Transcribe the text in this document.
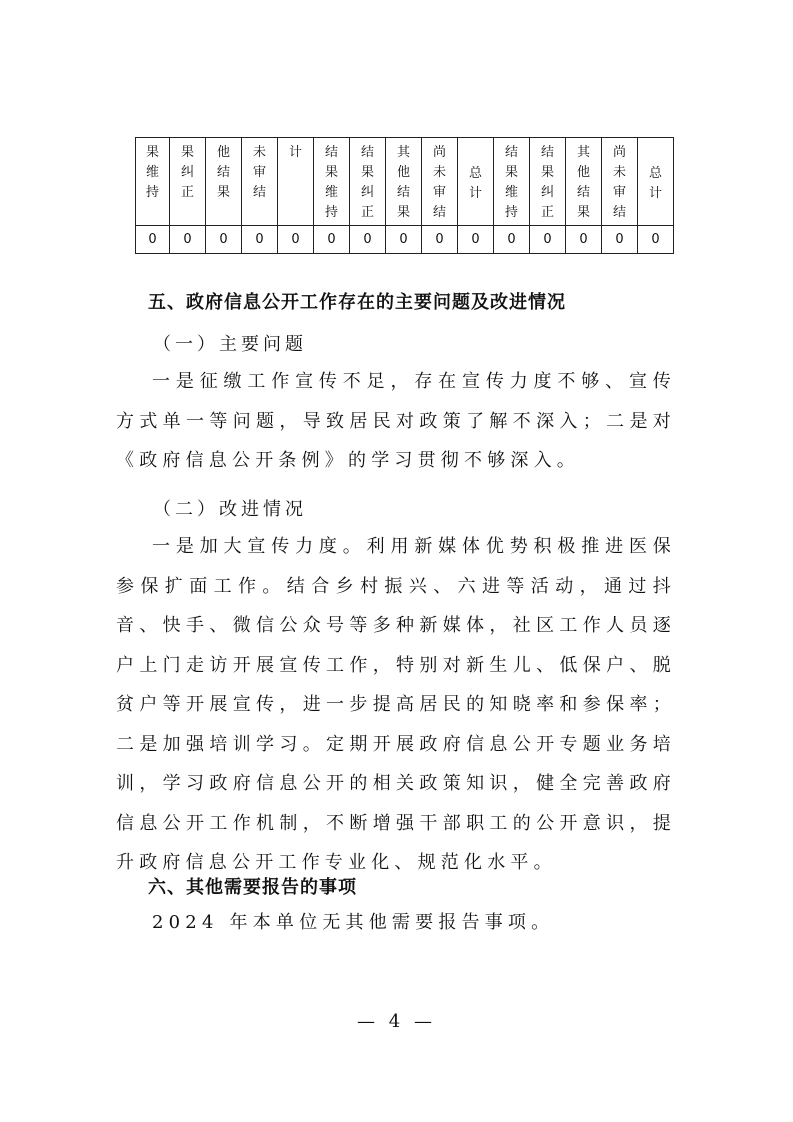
果维持	果纠正	他结果	未审结	计	结果维持	结果纠正	其他结果	尚未审结	总计	结果维持	结果纠正	其他结果	尚未审结	总计

0	0	0	0	0	0	0	0	0	0	0	0	0	0	0
五、政府信息公开工作存在的主要问题及改进情况
（一）主要问题

一是征缴工作宣传不足，存在宣传力度不够、宣传方式单一等问题，导致居民对政策了解不深入；二是对《政府信息公开条例》的学习贯彻不够深入。

（二）改进情况

一是加大宣传力度。利用新媒体优势积极推进医保参保扩面工作。结合乡村振兴、六进等活动，通过抖音、快手、微信公众号等多种新媒体，社区工作人员逐户上门走访开展宣传工作，特别对新生儿、低保户、脱贫户等开展宣传，进一步提高居民的知晓率和参保率；二是加强培训学习。定期开展政府信息公开专题业务培训，学习政府信息公开的相关政策知识，健全完善政府信息公开工作机制，不断增强干部职工的公开意识，提升政府信息公开工作专业化、规范化水平。

六、其他需要报告的事项

2024 年本单位无其他需要报告事项。

— 4 —
